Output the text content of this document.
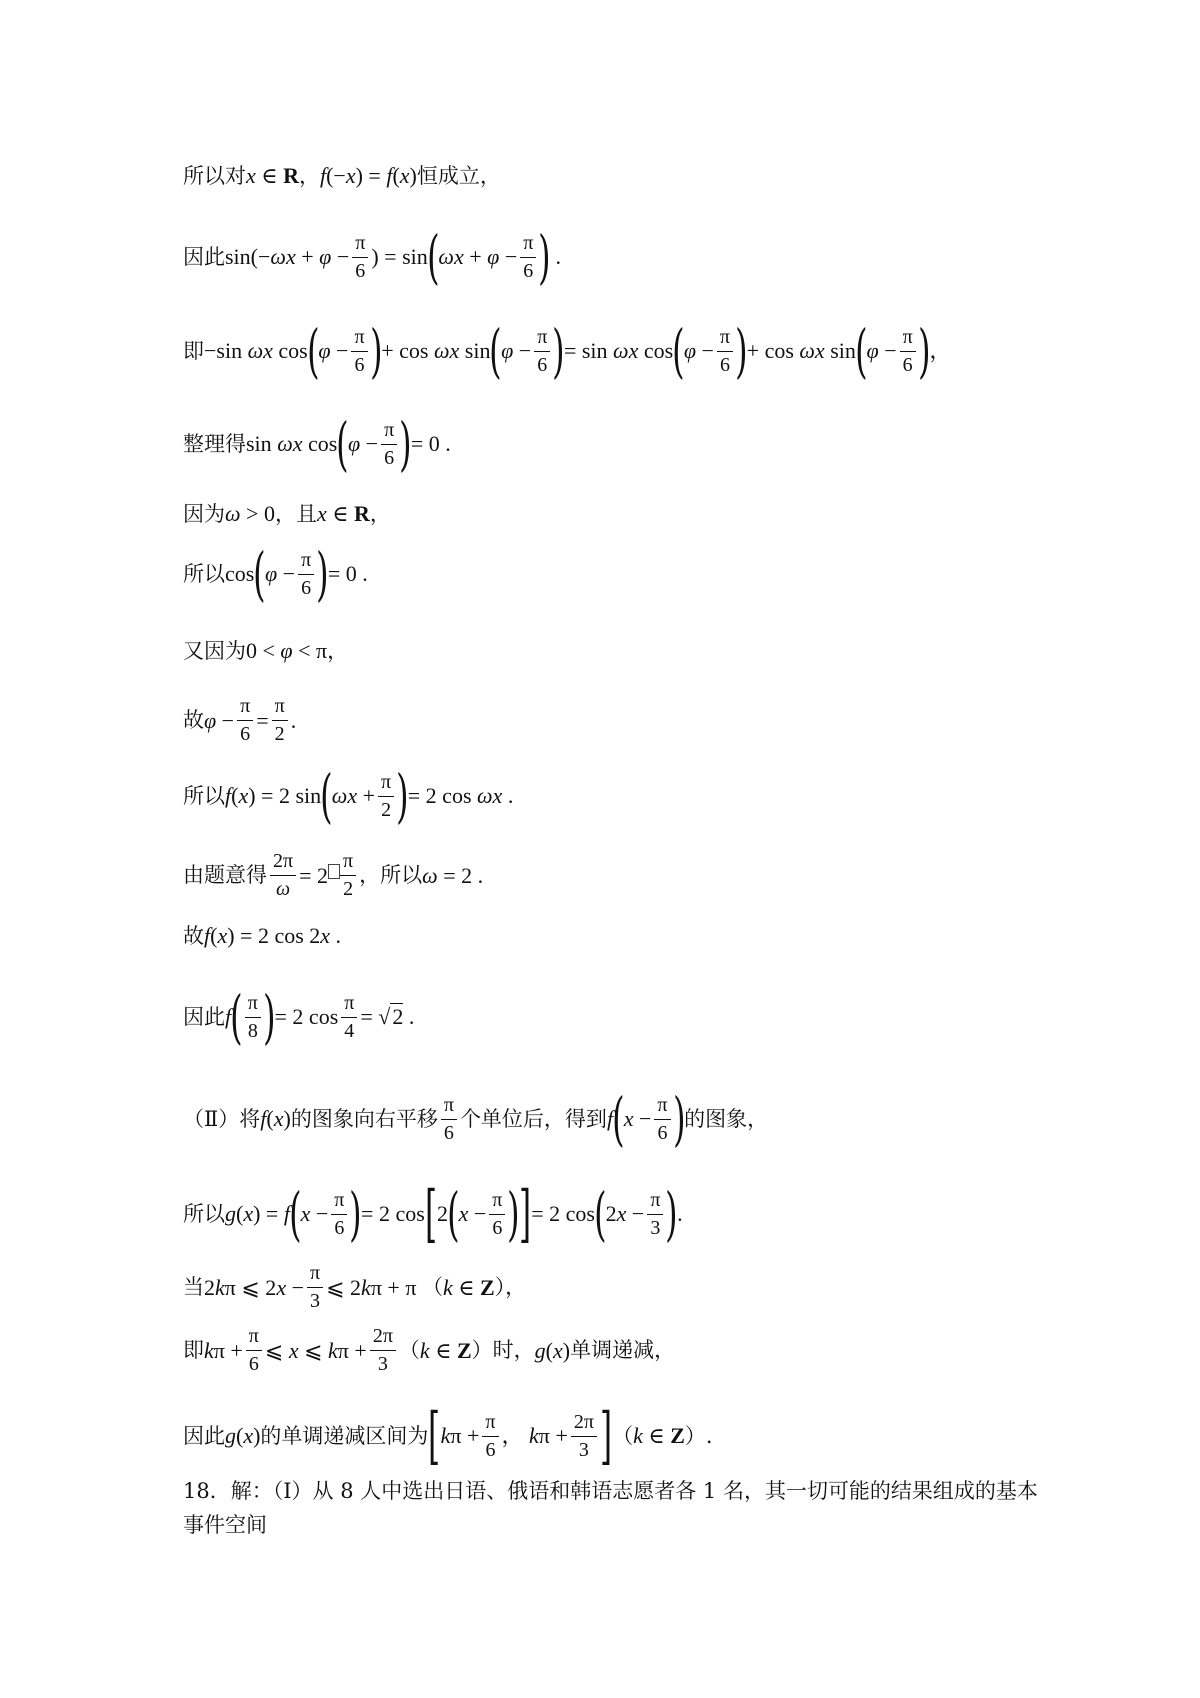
所以对 x ∈ R ， f(−x) = f(x) 恒成立，
因此 $\sin(-\omega x + \varphi - \frac{\pi}{6}$ ) = sin ( $\omega x + \varphi - \frac{\pi}{6}$ ) .
即 −sin ωx cos ( $\varphi - \frac{\pi}{6}$ ) + cos ωx sin ( $\varphi - \frac{\pi}{6}$ ) = sin ωx cos ( $\varphi - \frac{\pi}{6}$ ) + cos ωx sin ( $\varphi - \frac{\pi}{6}$ ) ，
整理得 sin ωx cos ( $\varphi - \frac{\pi}{6}$ ) = 0 .
因为 ω > 0 ，且 x ∈ R ，
所以 cos ( $\varphi - \frac{\pi}{6}$ ) = 0 .
又因为 0 < φ < π ，
故 $\varphi - \frac{\pi}{6} = \frac{\pi}{2}$ .
所以 f(x) = 2 sin ( $\omega x + \frac{\pi}{2}$ ) = 2 cos ωx .
由题意得 $\frac{2\pi}{\omega} = 2 \frac{\pi}{2}$ ，所以 ω = 2 .
故 f(x) = 2 cos 2x .
因此 f ( $\frac{\pi}{8}$ ) = 2 $\cos \frac{\pi}{4} = √2$ .
（Ⅱ）将 f(x) 的图象向右平移 $\frac{\pi}{6}$ 个单位后，得到 f ( $x - \frac{\pi}{6}$ ) 的图象，
所以 g(x) = f ( $x - \frac{\pi}{6}$ ) = 2 cos [ 2 ( $x - \frac{\pi}{6}$ ) ] = 2 cos ( $2x - \frac{\pi}{3}$ ) .
当 2kπ ⩽ $2x - \frac{\pi}{3}$ ⩽ 2kπ + π （ k ∈ Z ），
即 $k\pi + \frac{\pi}{6}$ ⩽ x ⩽ $k\pi + \frac{2\pi}{3}$ （ k ∈ Z ）时， g(x) 单调递减，
因此 g(x) 的单调递减区间为 [ $k\pi + \frac{\pi}{6}$ ， $k\pi + \frac{2\pi}{3}$ ] （ k ∈ Z ）.
18．解：（Ⅰ）从 8 人中选出日语、俄语和韩语志愿者各 1 名，其一切可能的结果组成的基本事件空间
